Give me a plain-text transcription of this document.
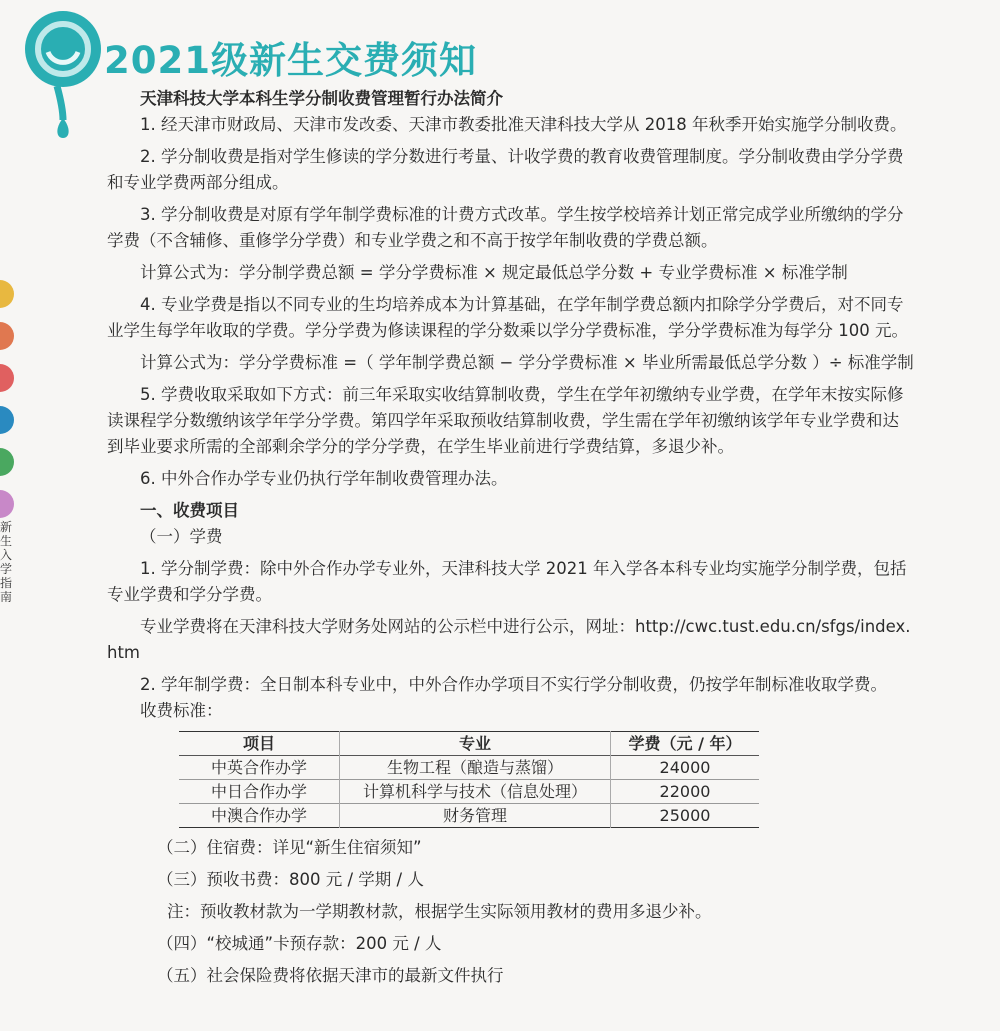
新生入学指南
2021级新生交费须知
天津科技大学本科生学分制收费管理暂行办法简介
1. 经天津市财政局、天津市发改委、天津市教委批准天津科技大学从 2018 年秋季开始实施学分制收费。
2. 学分制收费是指对学生修读的学分数进行考量、计收学费的教育收费管理制度。学分制收费由学分学费
和专业学费两部分组成。
3. 学分制收费是对原有学年制学费标准的计费方式改革。学生按学校培养计划正常完成学业所缴纳的学分
学费（不含辅修、重修学分学费）和专业学费之和不高于按学年制收费的学费总额。
计算公式为：学分制学费总额 = 学分学费标准 × 规定最低总学分数 + 专业学费标准 × 标准学制
4. 专业学费是指以不同专业的生均培养成本为计算基础，在学年制学费总额内扣除学分学费后，对不同专
业学生每学年收取的学费。学分学费为修读课程的学分数乘以学分学费标准，学分学费标准为每学分 100 元。
计算公式为：学分学费标准 =（ 学年制学费总额 − 学分学费标准 × 毕业所需最低总学分数 ）÷ 标准学制
5. 学费收取采取如下方式：前三年采取实收结算制收费，学生在学年初缴纳专业学费，在学年末按实际修
读课程学分数缴纳该学年学分学费。第四学年采取预收结算制收费，学生需在学年初缴纳该学年专业学费和达
到毕业要求所需的全部剩余学分的学分学费，在学生毕业前进行学费结算，多退少补。
6. 中外合作办学专业仍执行学年制收费管理办法。
一、收费项目
（一）学费
1. 学分制学费：除中外合作办学专业外，天津科技大学 2021 年入学各本科专业均实施学分制学费，包括
专业学费和学分学费。
专业学费将在天津科技大学财务处网站的公示栏中进行公示，网址：http://cwc.tust.edu.cn/sfgs/index.
htm
2. 学年制学费：全日制本科专业中，中外合作办学项目不实行学分制收费，仍按学年制标准收取学费。
收费标准：
项目	专业	学费（元 / 年）
中英合作办学	生物工程（酿造与蒸馏）	24000
中日合作办学	计算机科学与技术（信息处理）	22000
中澳合作办学	财务管理	25000
（二）住宿费：详见“新生住宿须知”
（三）预收书费：800 元 / 学期 / 人
注：预收教材款为一学期教材款，根据学生实际领用教材的费用多退少补。
（四）“校城通”卡预存款：200 元 / 人
（五）社会保险费将依据天津市的最新文件执行
